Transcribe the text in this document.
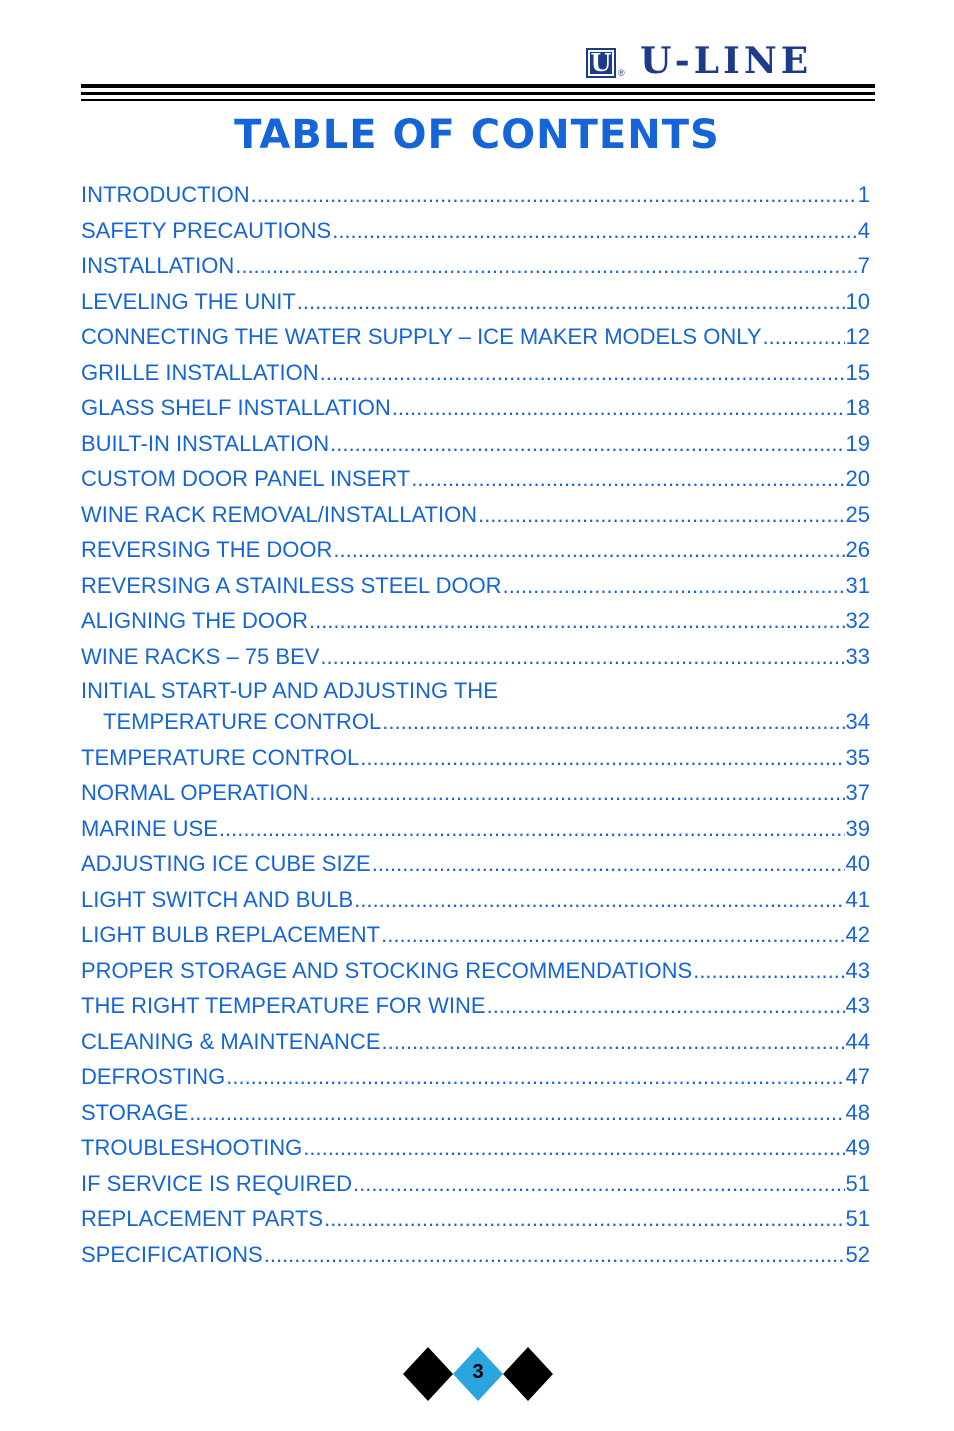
U ® U-LINE
TABLE OF CONTENTS
INTRODUCTION .....	1
SAFETY PRECAUTIONS .....	4
INSTALLATION .....	7
LEVELING THE UNIT .....	10
CONNECTING THE WATER SUPPLY – ICE MAKER MODELS ONLY .....	12
GRILLE INSTALLATION .....	15
GLASS SHELF INSTALLATION .....	18
BUILT-IN INSTALLATION .....	19
CUSTOM DOOR PANEL INSERT .....	20
WINE RACK REMOVAL/INSTALLATION .....	25
REVERSING THE DOOR .....	26
REVERSING A STAINLESS STEEL DOOR .....	31
ALIGNING THE DOOR .....	32
WINE RACKS – 75 BEV .....	33
INITIAL START-UP AND ADJUSTING THE
TEMPERATURE CONTROL .....	34
TEMPERATURE CONTROL .....	35
NORMAL OPERATION .....	37
MARINE USE .....	39
ADJUSTING ICE CUBE SIZE .....	40
LIGHT SWITCH AND BULB .....	41
LIGHT BULB REPLACEMENT .....	42
PROPER STORAGE AND STOCKING RECOMMENDATIONS .....	43
THE RIGHT TEMPERATURE FOR WINE .....	43
CLEANING & MAINTENANCE .....	44
DEFROSTING .....	47
STORAGE .....	48
TROUBLESHOOTING .....	49
IF SERVICE IS REQUIRED .....	51
REPLACEMENT PARTS .....	51
SPECIFICATIONS .....	52
3
